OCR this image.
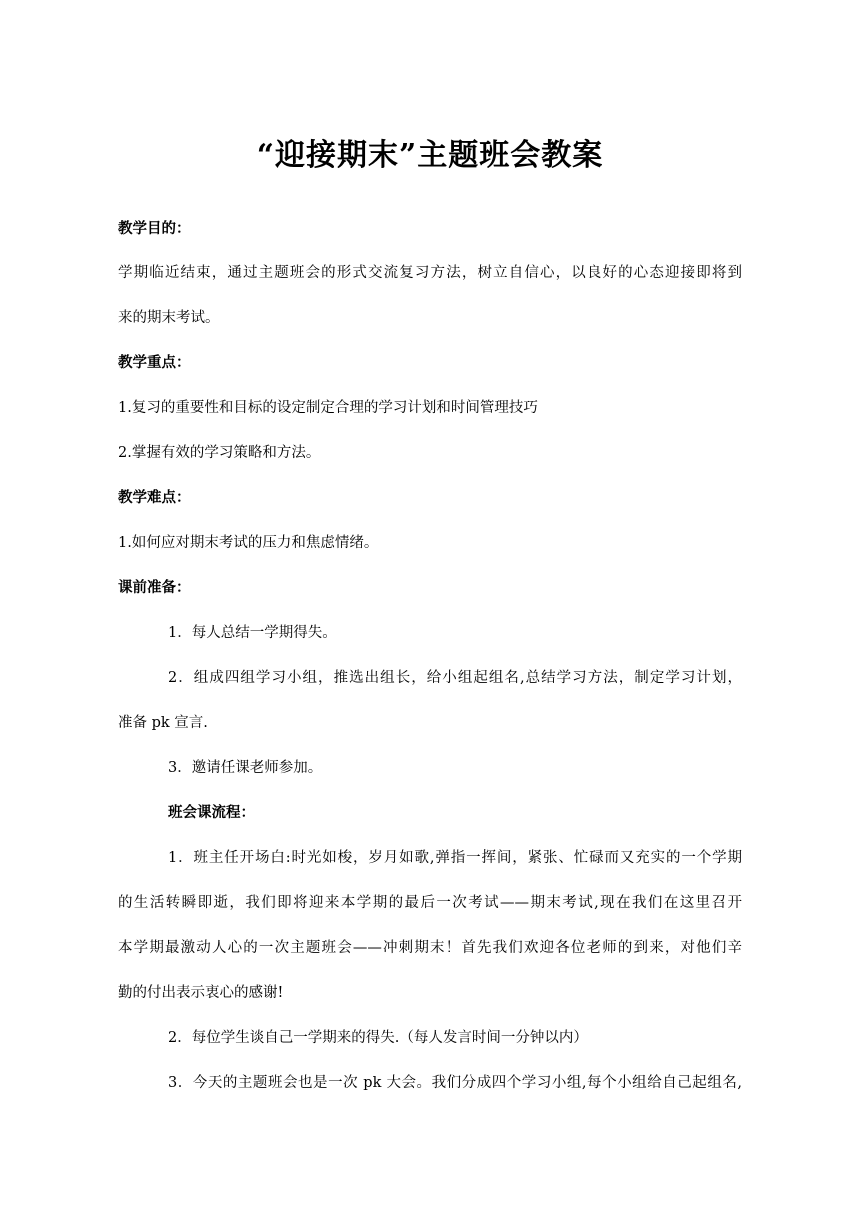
“迎接期末”主题班会教案
教学目的：
学期临近结束，通过主题班会的形式交流复习方法，树立自信心，以良好的心态迎接即将到
来的期末考试。
教学重点：
1.复习的重要性和目标的设定制定合理的学习计划和时间管理技巧
2.掌握有效的学习策略和方法。
教学难点：
1.如何应对期末考试的压力和焦虑情绪。
课前准备：
1．每人总结一学期得失。
2．组成四组学习小组，推选出组长，给小组起组名,总结学习方法，制定学习计划，
准备 pk 宣言.
3．邀请任课老师参加。
班会课流程：
1．班主任开场白:时光如梭，岁月如歌,弹指一挥间，紧张、忙碌而又充实的一个学期
的生活转瞬即逝，我们即将迎来本学期的最后一次考试——期末考试,现在我们在这里召开
本学期最激动人心的一次主题班会——冲刺期末！首先我们欢迎各位老师的到来，对他们辛
勤的付出表示衷心的感谢!
2．每位学生谈自己一学期来的得失.（每人发言时间一分钟以内）
3．今天的主题班会也是一次 pk 大会。我们分成四个学习小组,每个小组给自己起组名,
